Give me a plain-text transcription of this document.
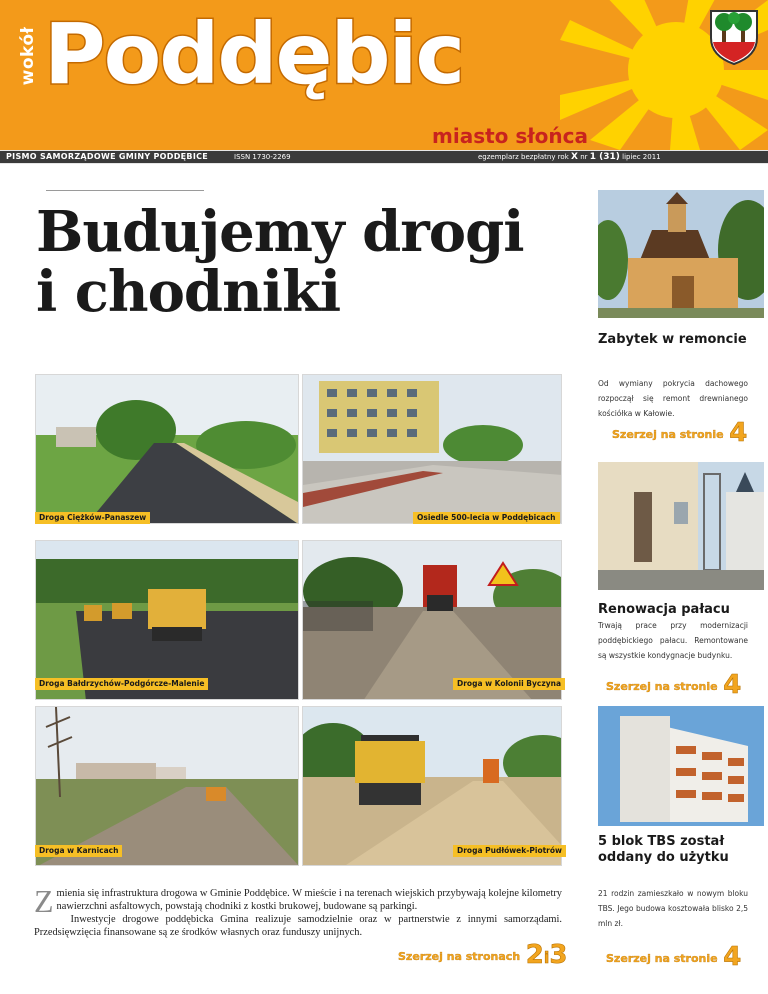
wokół Poddębic
miasto słońca
PISMO SAMORZĄDOWE GMINY PODDĘBICE	ISSN 1730-2269	egzemplarz bezpłatny rok X nr 1 (31) lipiec 2011
Budujemy drogi
i chodniki
Droga Ciężków-Panaszew	Osiedle 500-lecia w Poddębicach
Droga Bałdrzychów-Podgórcze-Malenie	Droga w Kolonii Byczyna
Droga w Karnicach	Droga Pudłówek-Piotrów
Z mienia się infrastruktura drogowa w Gminie Poddębice. W mieście i na terenach wiejskich przybywają kolejne kilometry nawierzchni asfaltowych, powstają chodniki z kostki brukowej, budowane są parkingi.
Inwestycje drogowe poddębicka Gmina realizuje samodzielnie oraz w partnerstwie z innymi samorządami. Przedsięwzięcia finansowane są ze środków własnych oraz funduszy unijnych.
Szerzej na stronach 2i3
Zabytek w remoncie
Od wymiany pokrycia dachowego rozpoczął się remont drewnianego kościółka w Kałowie.
Szerzej na stronie 4
Renowacja pałacu
Trwają prace przy modernizacji poddębickiego pałacu. Remontowane są wszystkie kondygnacje budynku.
Szerzej na stronie 4
5 blok TBS został oddany do użytku
21 rodzin zamieszkało w nowym bloku TBS. Jego budowa kosztowała blisko 2,5 mln zł.
Szerzej na stronie 4
